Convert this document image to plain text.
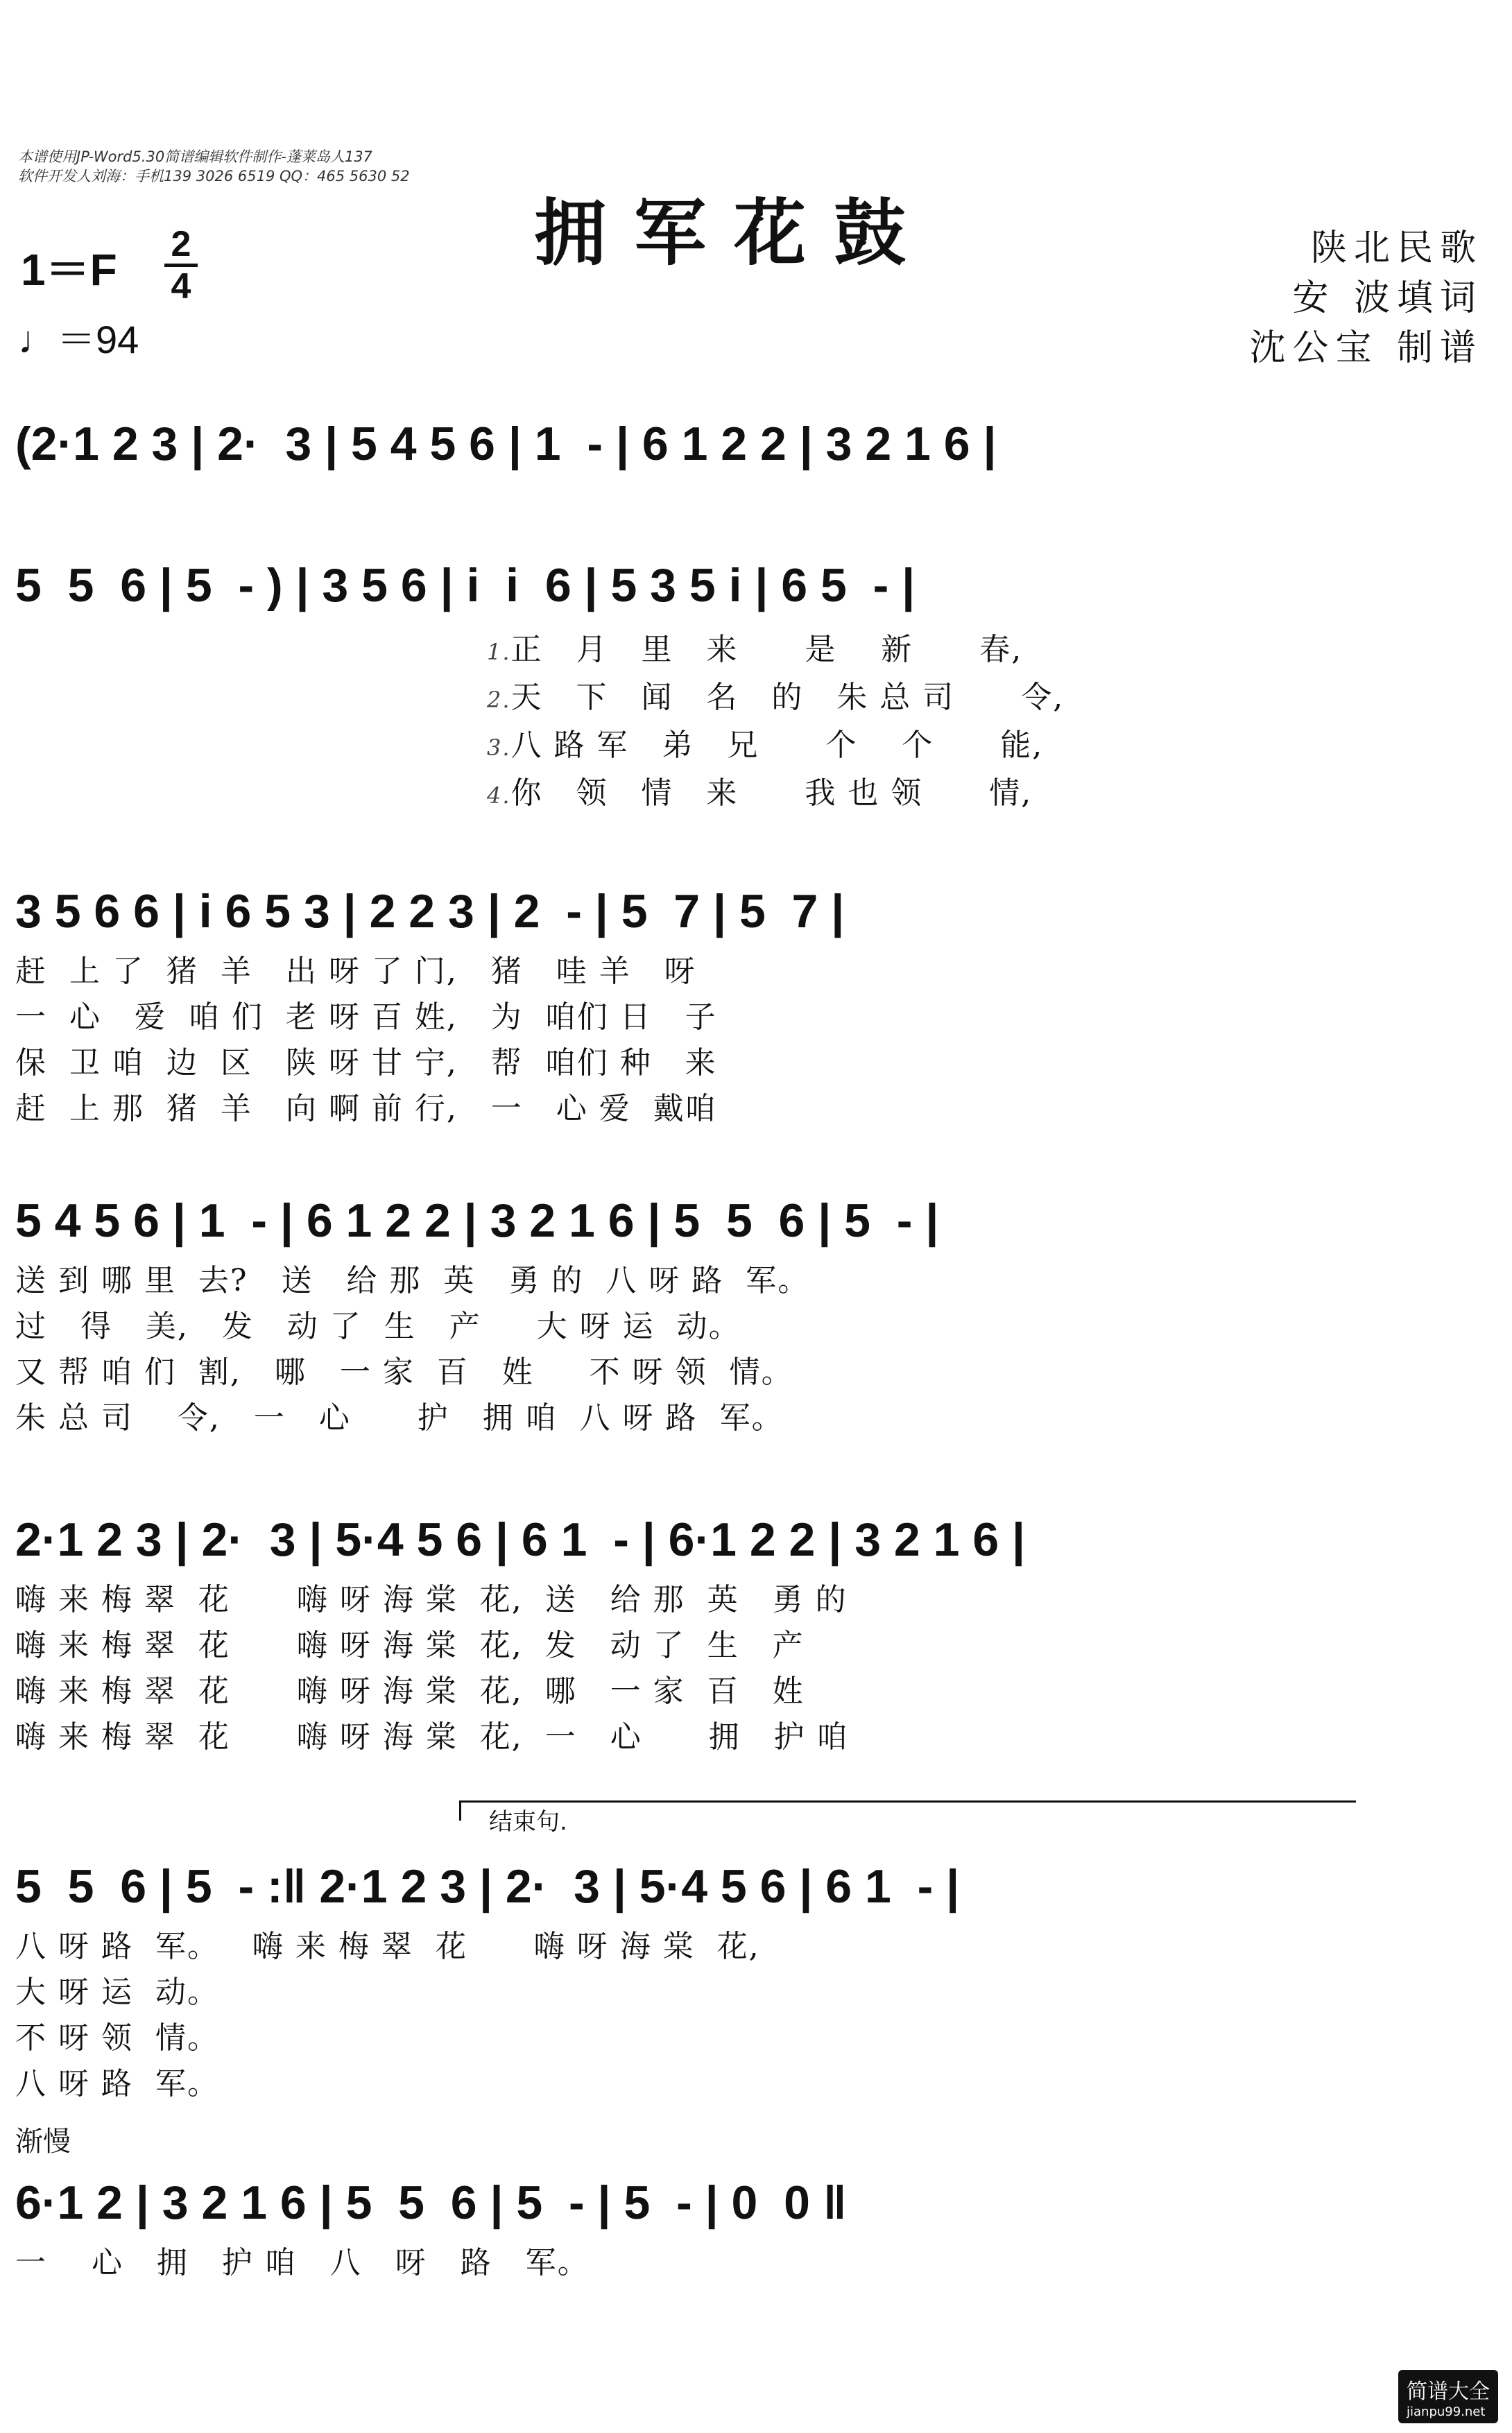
本谱使用JP-Word5.30简谱编辑软件制作-蓬莱岛人137
软件开发人刘海：手机139 3026 6519 QQ：465 5630 52
拥军花鼓
1＝F
2
4
♩＝94
陕北民歌
安 波填词
沈公宝 制谱
(2·1 2 3 | 2·  3 | 5 4 5 6 | 1  - | 6 1 2 2 | 3 2 1 6 |
5  5  6 | 5  - ) | 3 5 6 | i  i  6 | 5 3 5 i | 6 5  - |
1.正   月   里   来      是    新      春,
2.天   下   闻   名   的   朱 总 司      令,
3.八 路 军   弟   兄      个    个      能,
4.你   领   情   来      我 也 领      情,
3 5 6 6 | i 6 5 3 | 2 2 3 | 2  - | 5  7 | 5  7 |
赶  上 了  猪  羊   出 呀 了 门,   猪   哇 羊   呀
一  心   爱  咱 们  老 呀 百 姓,   为  咱们 日   子
保  卫 咱  边  区   陕 呀 甘 宁,   帮  咱们 种   来
赶  上 那  猪  羊   向 啊 前 行,   一   心 爱  戴咱
5 4 5 6 | 1  - | 6 1 2 2 | 3 2 1 6 | 5  5  6 | 5  - |
送 到 哪 里  去?   送   给 那  英   勇 的  八 呀 路  军。
过   得   美,   发   动 了  生   产     大 呀 运  动。
又 帮 咱 们  割,   哪   一 家  百   姓     不 呀 领  情。
朱 总 司    令,   一   心      护   拥 咱  八 呀 路  军。
2·1 2 3 | 2·  3 | 5·4 5 6 | 6 1  - | 6·1 2 2 | 3 2 1 6 |
嗨 来 梅 翠  花      嗨 呀 海 棠  花,  送   给 那  英   勇 的
嗨 来 梅 翠  花      嗨 呀 海 棠  花,  发   动 了  生   产
嗨 来 梅 翠  花      嗨 呀 海 棠  花,  哪   一 家  百   姓
嗨 来 梅 翠  花      嗨 呀 海 棠  花,  一   心      拥   护 咱
结束句.
5  5  6 | 5  - :‖ 2·1 2 3 | 2·  3 | 5·4 5 6 | 6 1  - |
八 呀 路  军。   嗨 来 梅 翠  花      嗨 呀 海 棠  花,
大 呀 运  动。
不 呀 领  情。
八 呀 路  军。
渐慢
6·1 2 | 3 2 1 6 | 5  5  6 | 5  - | 5  - | 0  0 ‖
一    心   拥   护 咱   八   呀   路   军。
简谱大全
jianpu99.net
